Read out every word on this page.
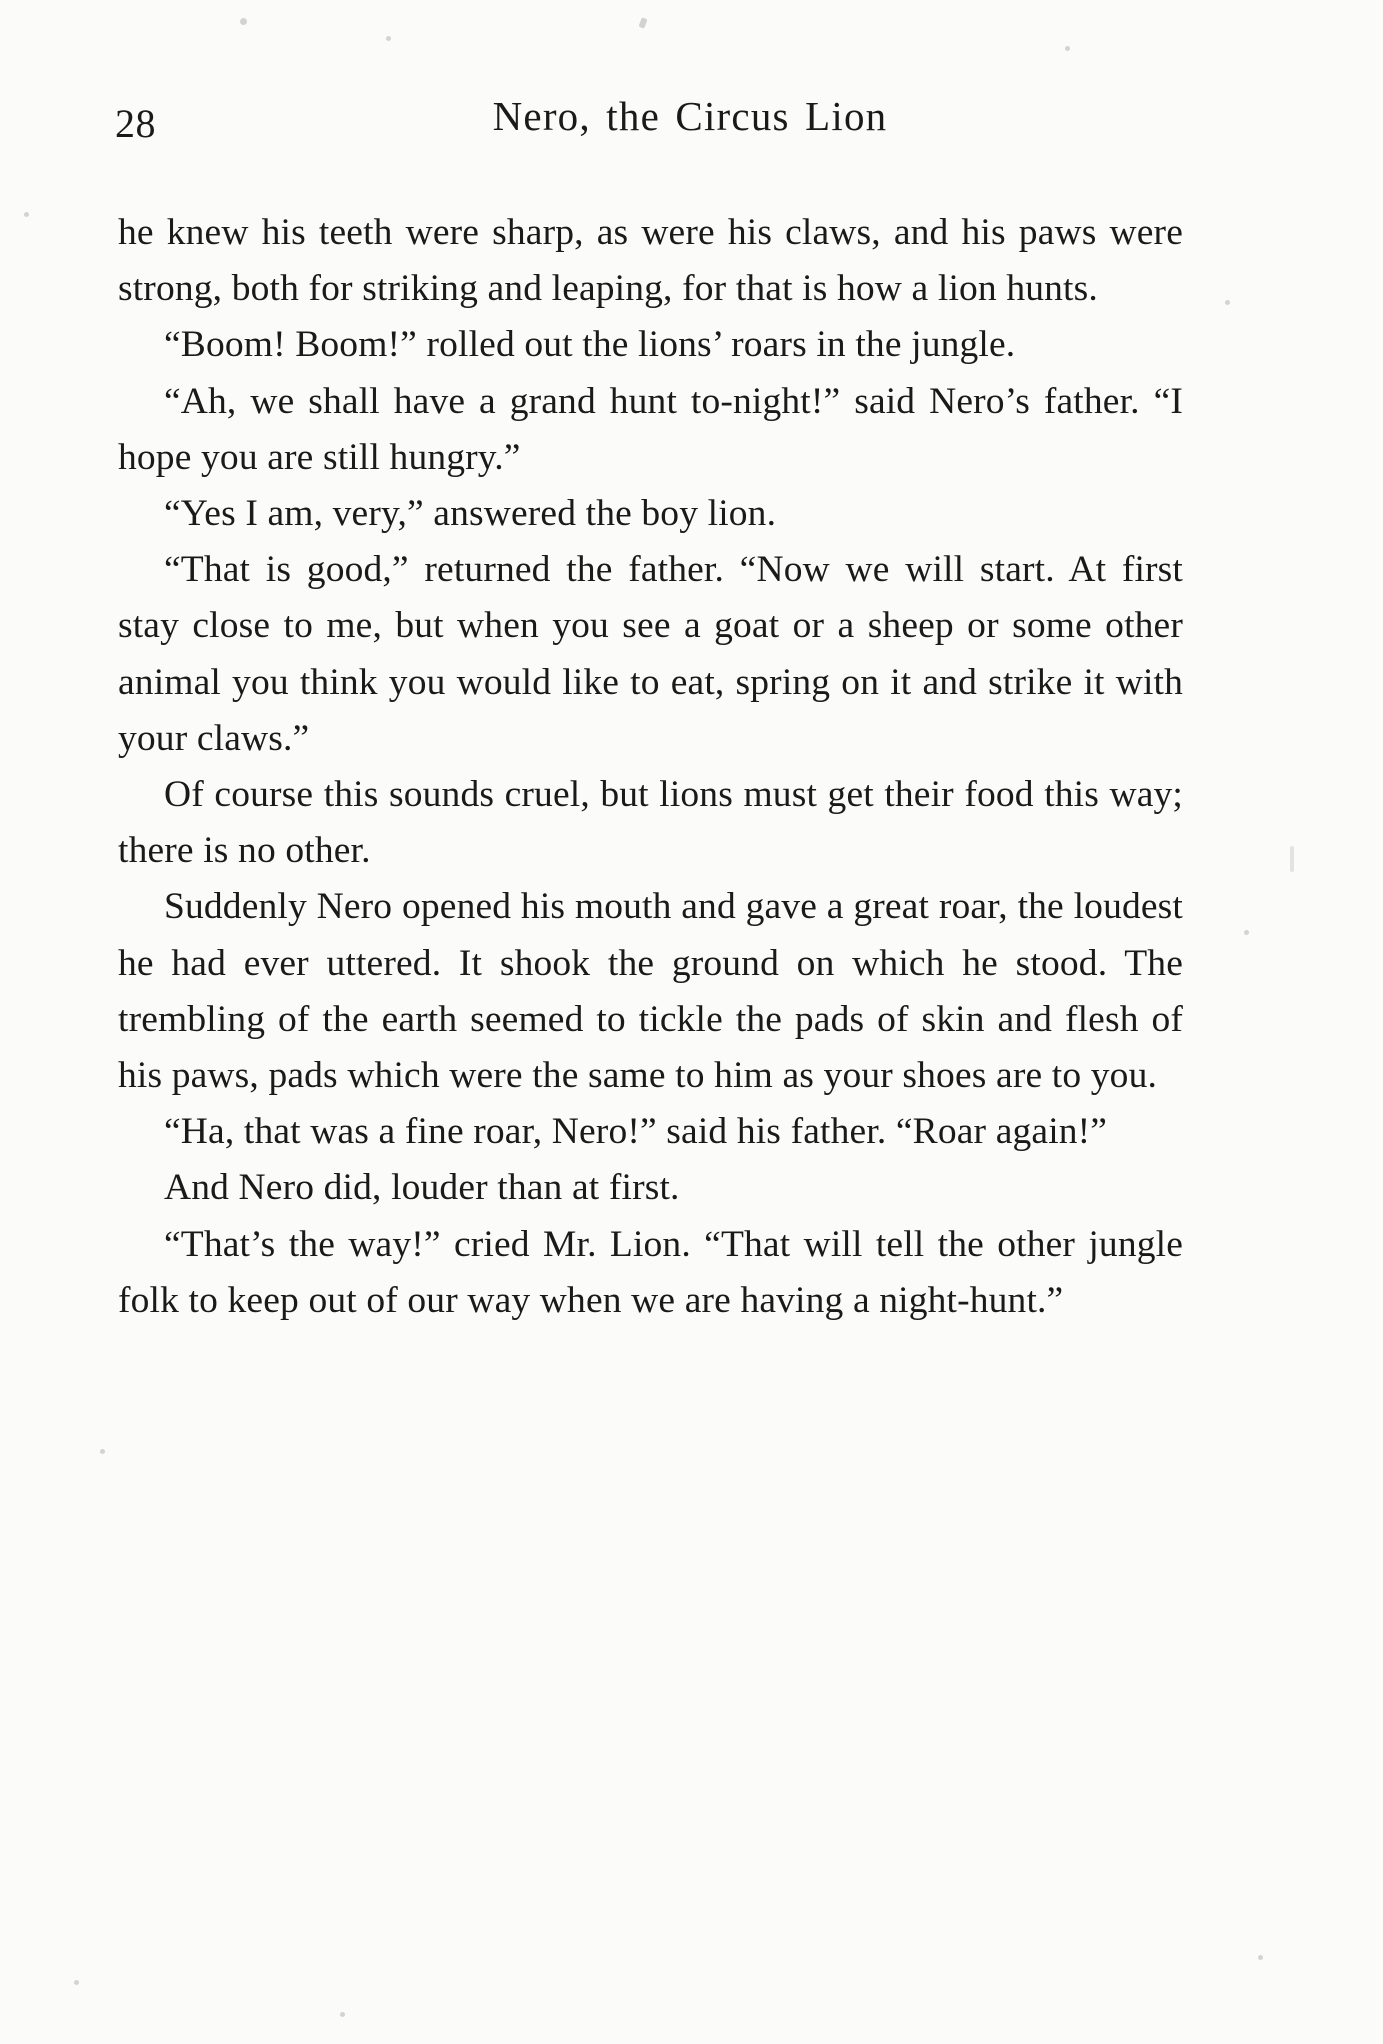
28	Nero, the Circus Lion

he knew his teeth were sharp, as were his claws, and his paws were strong, both for striking and leaping, for that is how a lion hunts.

“Boom! Boom!” rolled out the lions’ roars in the jungle.

“Ah, we shall have a grand hunt to-night!” said Nero’s father. “I hope you are still hungry.”

“Yes I am, very,” answered the boy lion.

“That is good,” returned the father. “Now we will start. At first stay close to me, but when you see a goat or a sheep or some other animal you think you would like to eat, spring on it and strike it with your claws.”

Of course this sounds cruel, but lions must get their food this way; there is no other.

Suddenly Nero opened his mouth and gave a great roar, the loudest he had ever uttered. It shook the ground on which he stood. The trembling of the earth seemed to tickle the pads of skin and flesh of his paws, pads which were the same to him as your shoes are to you.

“Ha, that was a fine roar, Nero!” said his father. “Roar again!”

And Nero did, louder than at first.

“That’s the way!” cried Mr. Lion. “That will tell the other jungle folk to keep out of our way when we are having a night-hunt.”
